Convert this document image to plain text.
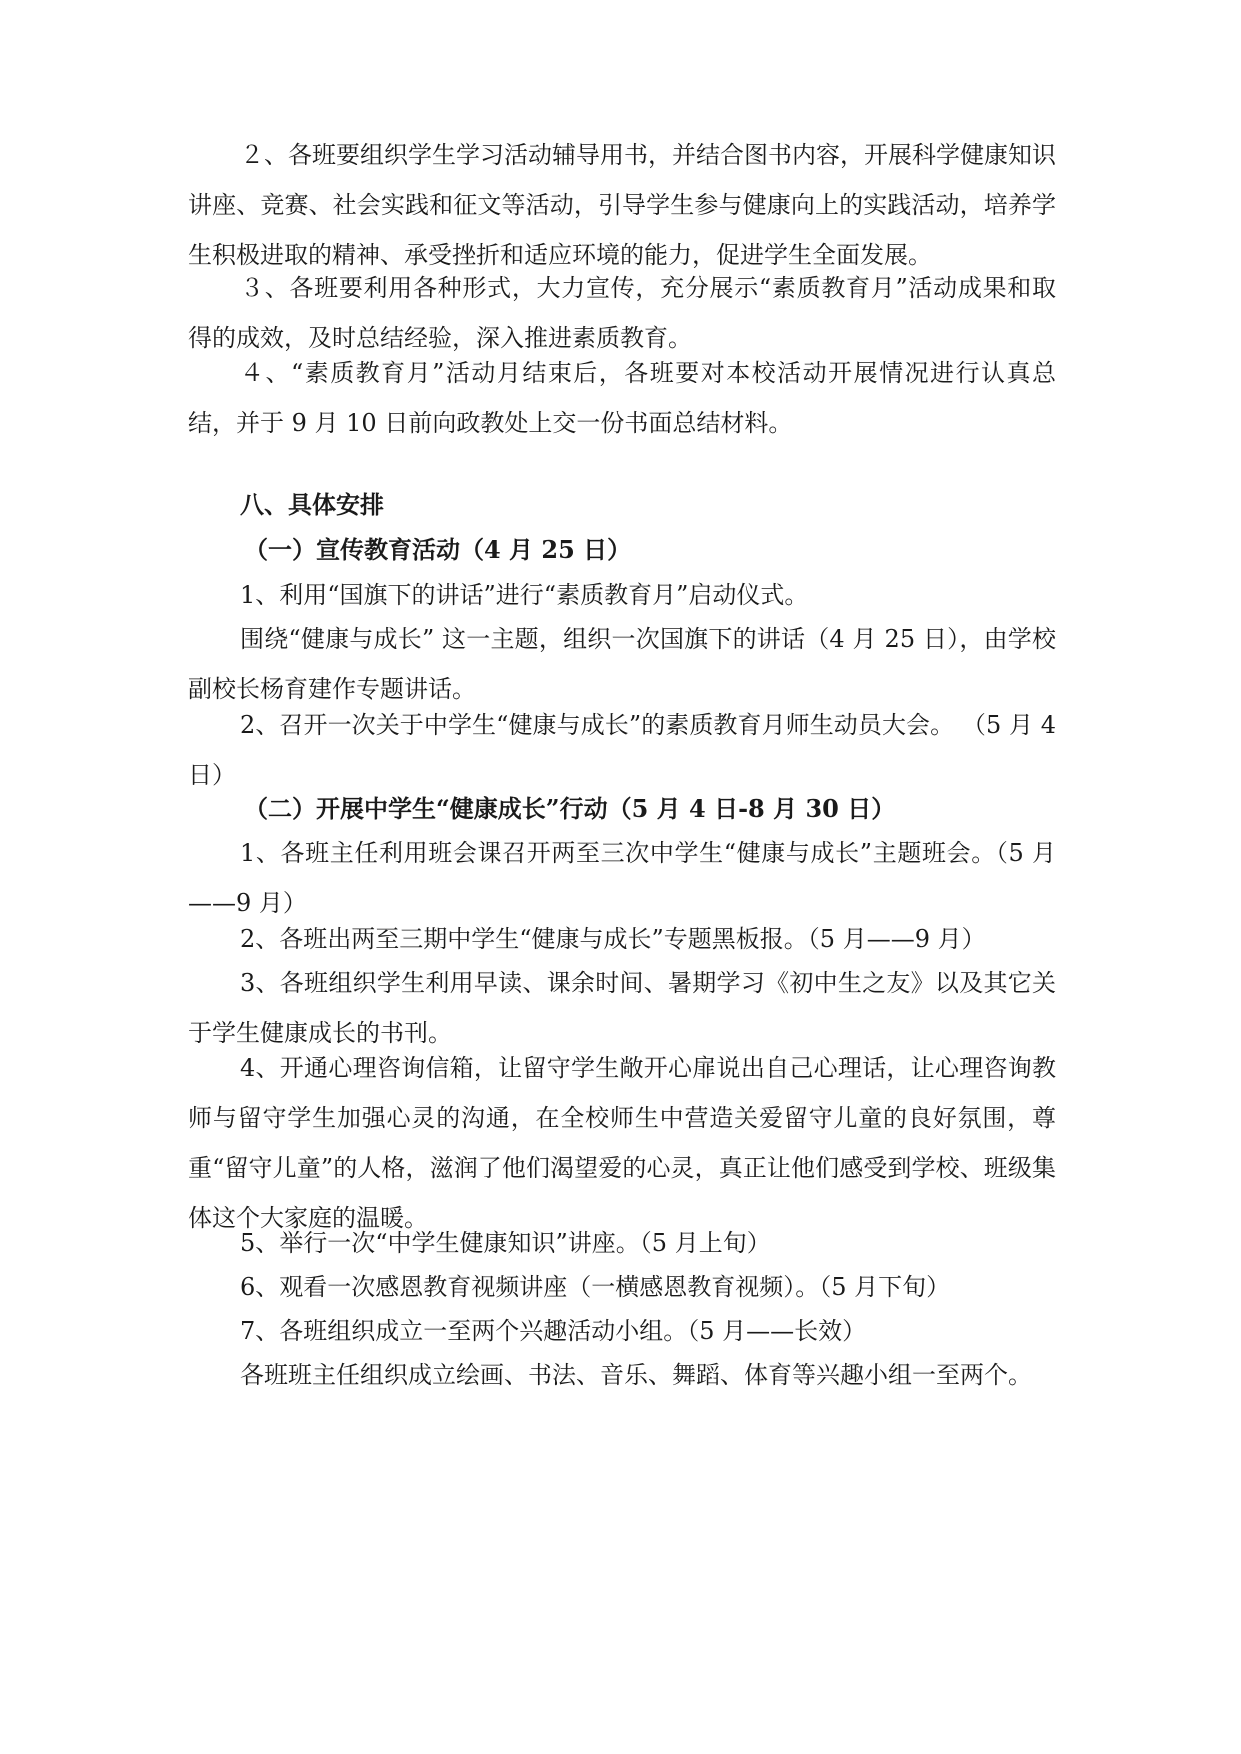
２、各班要组织学生学习活动辅导用书，并结合图书内容，开展科学健康知识讲座、竞赛、社会实践和征文等活动，引导学生参与健康向上的实践活动，培养学生积极进取的精神、承受挫折和适应环境的能力，促进学生全面发展。

３、各班要利用各种形式，大力宣传，充分展示“素质教育月”活动成果和取得的成效，及时总结经验，深入推进素质教育。

４、“素质教育月”活动月结束后，各班要对本校活动开展情况进行认真总结，并于 9 月 10 日前向政教处上交一份书面总结材料。

八、具体安排

（一）宣传教育活动（4 月 25 日）

1、利用“国旗下的讲话”进行“素质教育月”启动仪式。

围绕“健康与成长” 这一主题，组织一次国旗下的讲话（4 月 25 日），由学校副校长杨育建作专题讲话。

2、召开一次关于中学生“健康与成长”的素质教育月师生动员大会。 （5 月 4 日）

（二）开展中学生“健康成长”行动（5 月 4 日-8 月 30 日）

1、各班主任利用班会课召开两至三次中学生“健康与成长”主题班会。（5 月——9 月）

2、各班出两至三期中学生“健康与成长”专题黑板报。（5 月——9 月）

3、各班组织学生利用早读、课余时间、暑期学习《初中生之友》以及其它关于学生健康成长的书刊。

4、开通心理咨询信箱，让留守学生敞开心扉说出自己心理话，让心理咨询教师与留守学生加强心灵的沟通，在全校师生中营造关爱留守儿童的良好氛围，尊重“留守儿童”的人格，滋润了他们渴望爱的心灵，真正让他们感受到学校、班级集体这个大家庭的温暖。

5、举行一次“中学生健康知识”讲座。（5 月上旬）

6、观看一次感恩教育视频讲座（一横感恩教育视频）。（5 月下旬）

7、各班组织成立一至两个兴趣活动小组。（5 月——长效）

各班班主任组织成立绘画、书法、音乐、舞蹈、体育等兴趣小组一至两个。
